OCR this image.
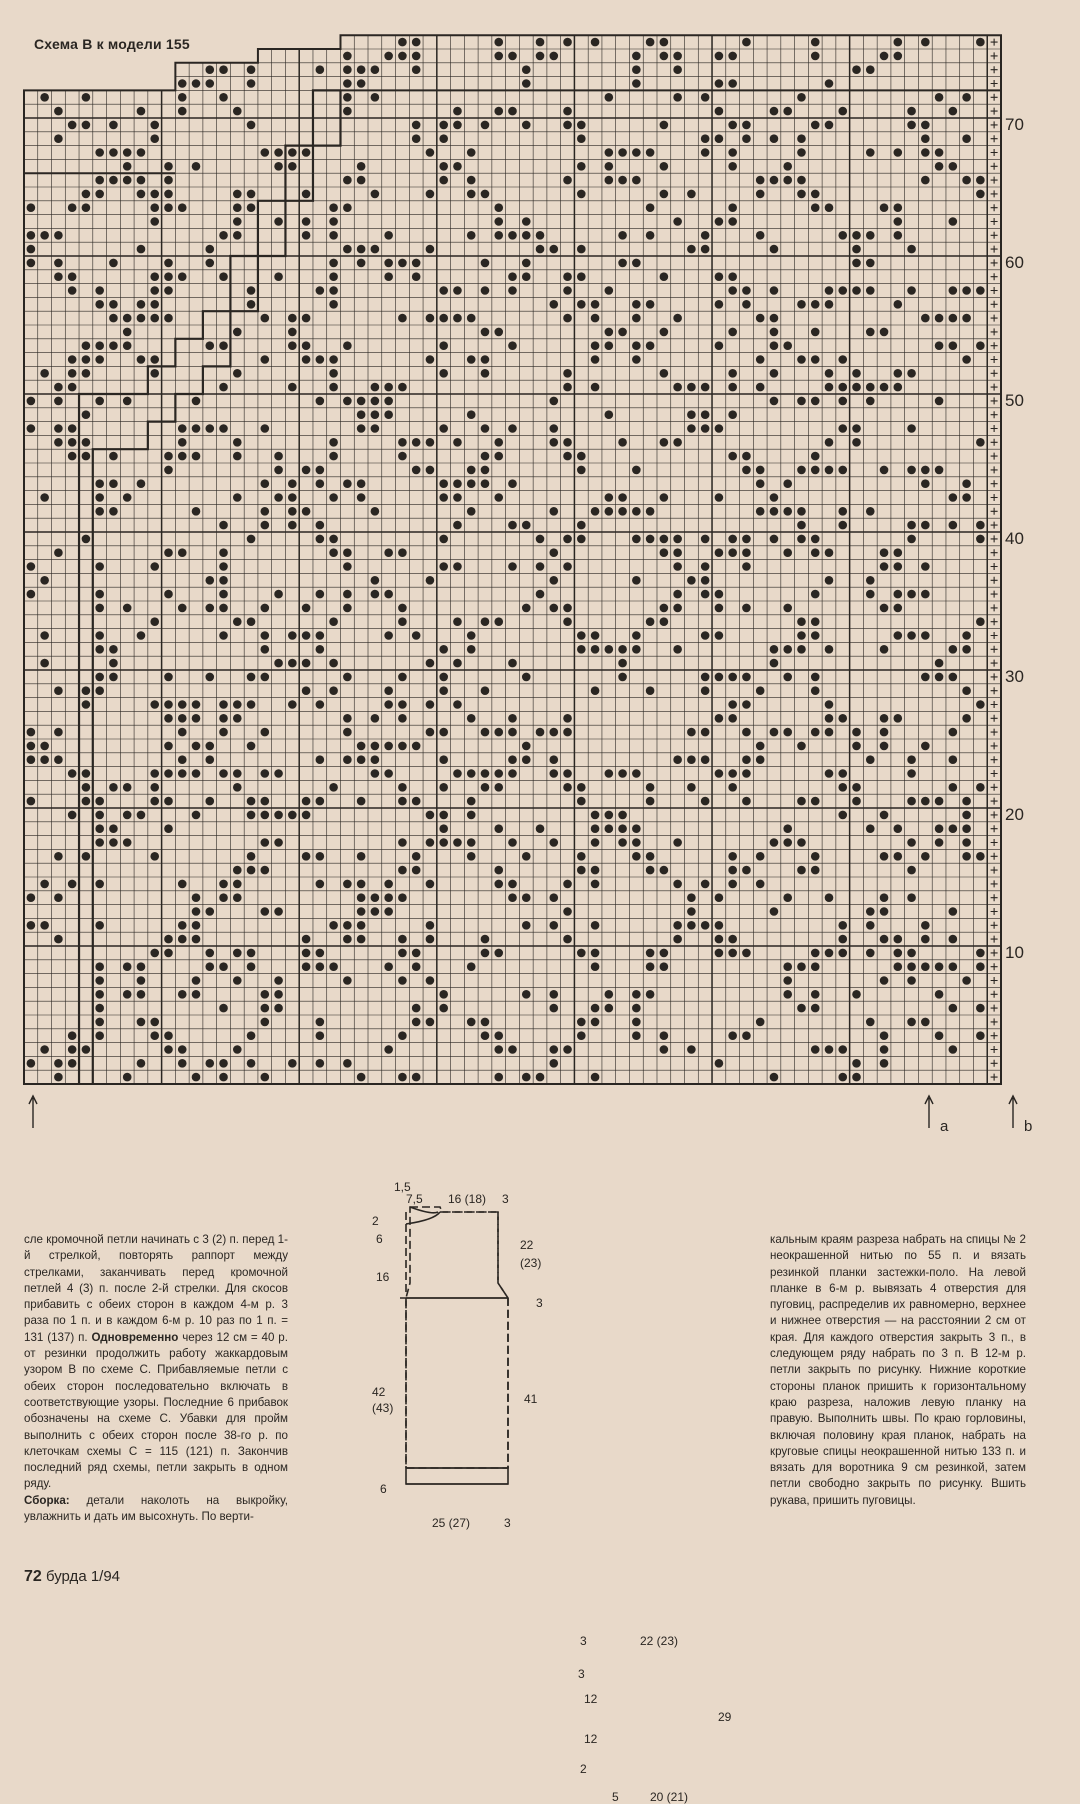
Схема В к модели 155
10
20
30
40
50
60
70
a	b

сле кромочной петли начинать с 3 (2) п. перед 1-й стрелкой, повторять раппорт между стрелками, заканчивать перед кромочной петлей 4 (3) п. после 2-й стрелки. Для скосов прибавить с обеих сторон в каждом 4-м р. 3 раза по 1 п. и в каждом 6-м р. 10 раз по 1 п. = 131 (137) п. Одновременно через 12 см = 40 р. от резинки продолжить работу жаккардовым узором В по схеме С. Прибавляемые петли с обеих сторон последовательно включать в соответствующие узоры. Последние 6 прибавок обозначены на схеме С. Убавки для пройм выполнить с обеих сторон после 38-го р. по клеточкам схемы С = 115 (121) п. Закончив последний ряд схемы, петли закрыть в одном ряду.

Сборка: детали наколоть на выкройку, увлажнить и дать им высохнуть. По верти-

кальным краям разреза набрать на спицы № 2 неокрашенной нитью по 55 п. и вязать резинкой планки застежки-поло. На левой планке в 6-м р. вывязать 4 отверстия для пуговиц, распределив их равномерно, верхнее и нижнее отверстия — на расстоянии 2 см от края. Для каждого отверстия закрыть 3 п., в следующем ряду набрать по 3 п. В 12-м р. петли закрыть по рисунку. Нижние короткие стороны планок пришить к горизонтальному краю разреза, наложив левую планку на правую. Выполнить швы. По краю горловины, включая половину края планок, набрать на круговые спицы неокрашенной нитью 133 п. и вязать для воротника 9 см резинкой, затем петли свободно закрыть по рисунку. Вшить рукава, пришить пуговицы.

1,5
7,5 16 (18) 3
2
6
16
42 (43)
6
22 (23)
3
41
25 (27)	3
3	22 (23)
3
12
12
2
29
5	20 (21)
72 бурда 1/94
